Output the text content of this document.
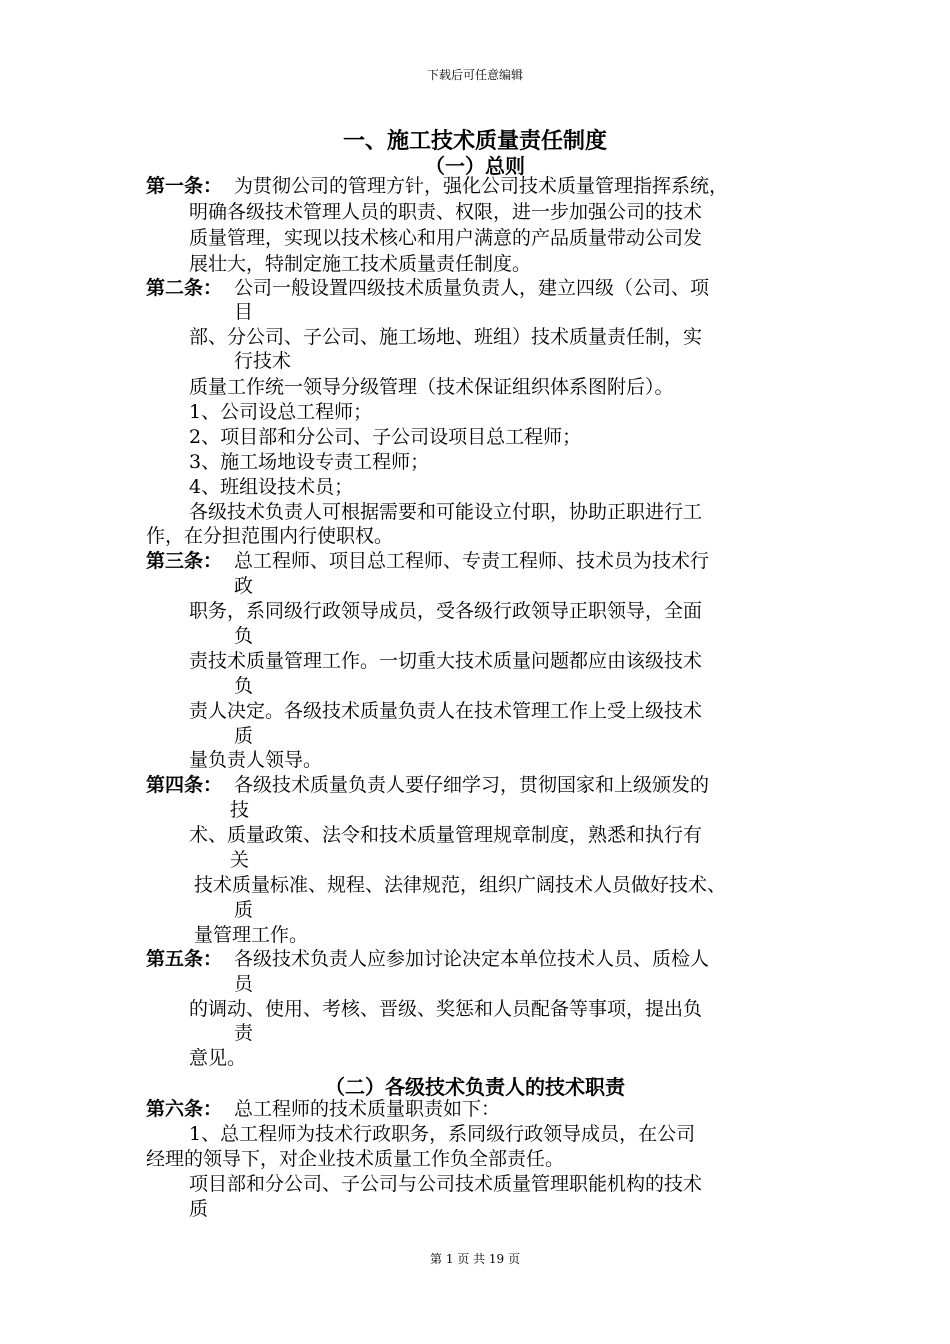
下载后可任意编辑
一、施工技术质量责任制度
（一）总则
第一条： 为贯彻公司的管理方针，强化公司技术质量管理指挥系统，
明确各级技术管理人员的职责、权限，进一步加强公司的技术
质量管理，实现以技术核心和用户满意的产品质量带动公司发
展壮大，特制定施工技术质量责任制度。
第二条： 公司一般设置四级技术质量负责人，建立四级（公司、项
目
部、分公司、子公司、施工场地、班组）技术质量责任制，实
行技术
质量工作统一领导分级管理（技术保证组织体系图附后）。
1、公司设总工程师；
2、项目部和分公司、子公司设项目总工程师；
3、施工场地设专责工程师；
4、班组设技术员；
各级技术负责人可根据需要和可能设立付职，协助正职进行工
作，在分担范围内行使职权。
第三条： 总工程师、项目总工程师、专责工程师、技术员为技术行
政
职务，系同级行政领导成员，受各级行政领导正职领导，全面
负
责技术质量管理工作。一切重大技术质量问题都应由该级技术
负
责人决定。各级技术质量负责人在技术管理工作上受上级技术
质
量负责人领导。
第四条： 各级技术质量负责人要仔细学习，贯彻国家和上级颁发的
技
术、质量政策、法令和技术质量管理规章制度，熟悉和执行有
关
技术质量标准、规程、法律规范，组织广阔技术人员做好技术、
质
量管理工作。
第五条： 各级技术负责人应参加讨论决定本单位技术人员、质检人
员
的调动、使用、考核、晋级、奖惩和人员配备等事项，提出负
责
意见。
（二）各级技术负责人的技术职责
第六条： 总工程师的技术质量职责如下：
1、总工程师为技术行政职务，系同级行政领导成员，在公司
经理的领导下，对企业技术质量工作负全部责任。
项目部和分公司、子公司与公司技术质量管理职能机构的技术
质
第 1 页 共 19 页
